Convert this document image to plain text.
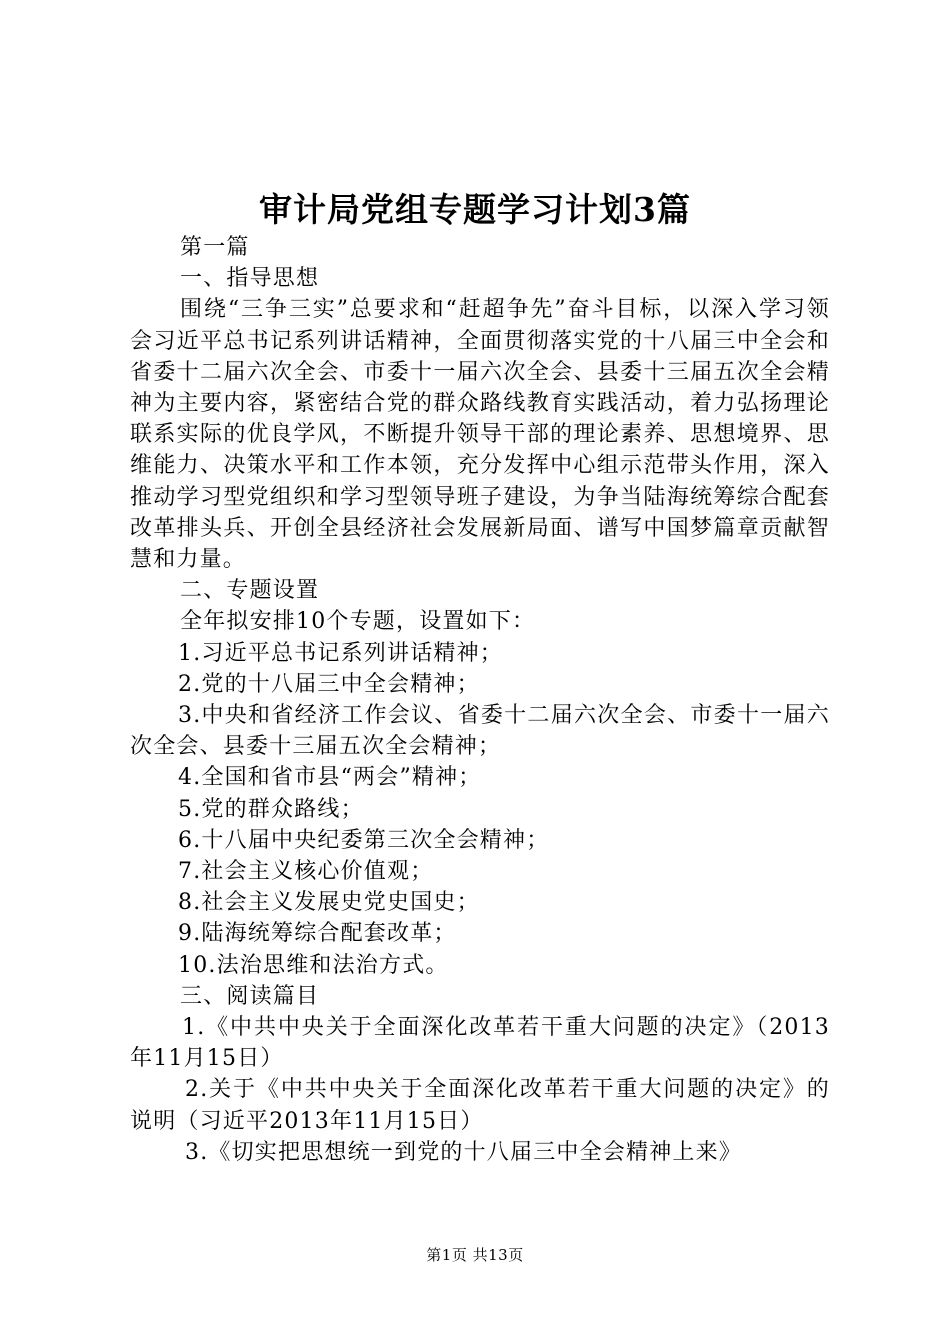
审计局党组专题学习计划3篇

第一篇

一、指导思想

围绕“三争三实”总要求和“赶超争先”奋斗目标，以深入学习领会习近平总书记系列讲话精神，全面贯彻落实党的十八届三中全会和省委十二届六次全会、市委十一届六次全会、县委十三届五次全会精神为主要内容，紧密结合党的群众路线教育实践活动，着力弘扬理论联系实际的优良学风，不断提升领导干部的理论素养、思想境界、思维能力、决策水平和工作本领，充分发挥中心组示范带头作用，深入推动学习型党组织和学习型领导班子建设，为争当陆海统筹综合配套改革排头兵、开创全县经济社会发展新局面、谱写中国梦篇章贡献智慧和力量。

二、专题设置

全年拟安排10个专题，设置如下：

1.习近平总书记系列讲话精神；

2.党的十八届三中全会精神；

3.中央和省经济工作会议、省委十二届六次全会、市委十一届六次全会、县委十三届五次全会精神；

4.全国和省市县“两会”精神；

5.党的群众路线；

6.十八届中央纪委第三次全会精神；

7.社会主义核心价值观；

8.社会主义发展史党史国史；

9.陆海统筹综合配套改革；

10.法治思维和法治方式。

三、阅读篇目

1.《中共中央关于全面深化改革若干重大问题的决定》（2013年11月15日）

2.关于《中共中央关于全面深化改革若干重大问题的决定》的说明（习近平2013年11月15日）

3.《切实把思想统一到党的十八届三中全会精神上来》

第1页 共13页
